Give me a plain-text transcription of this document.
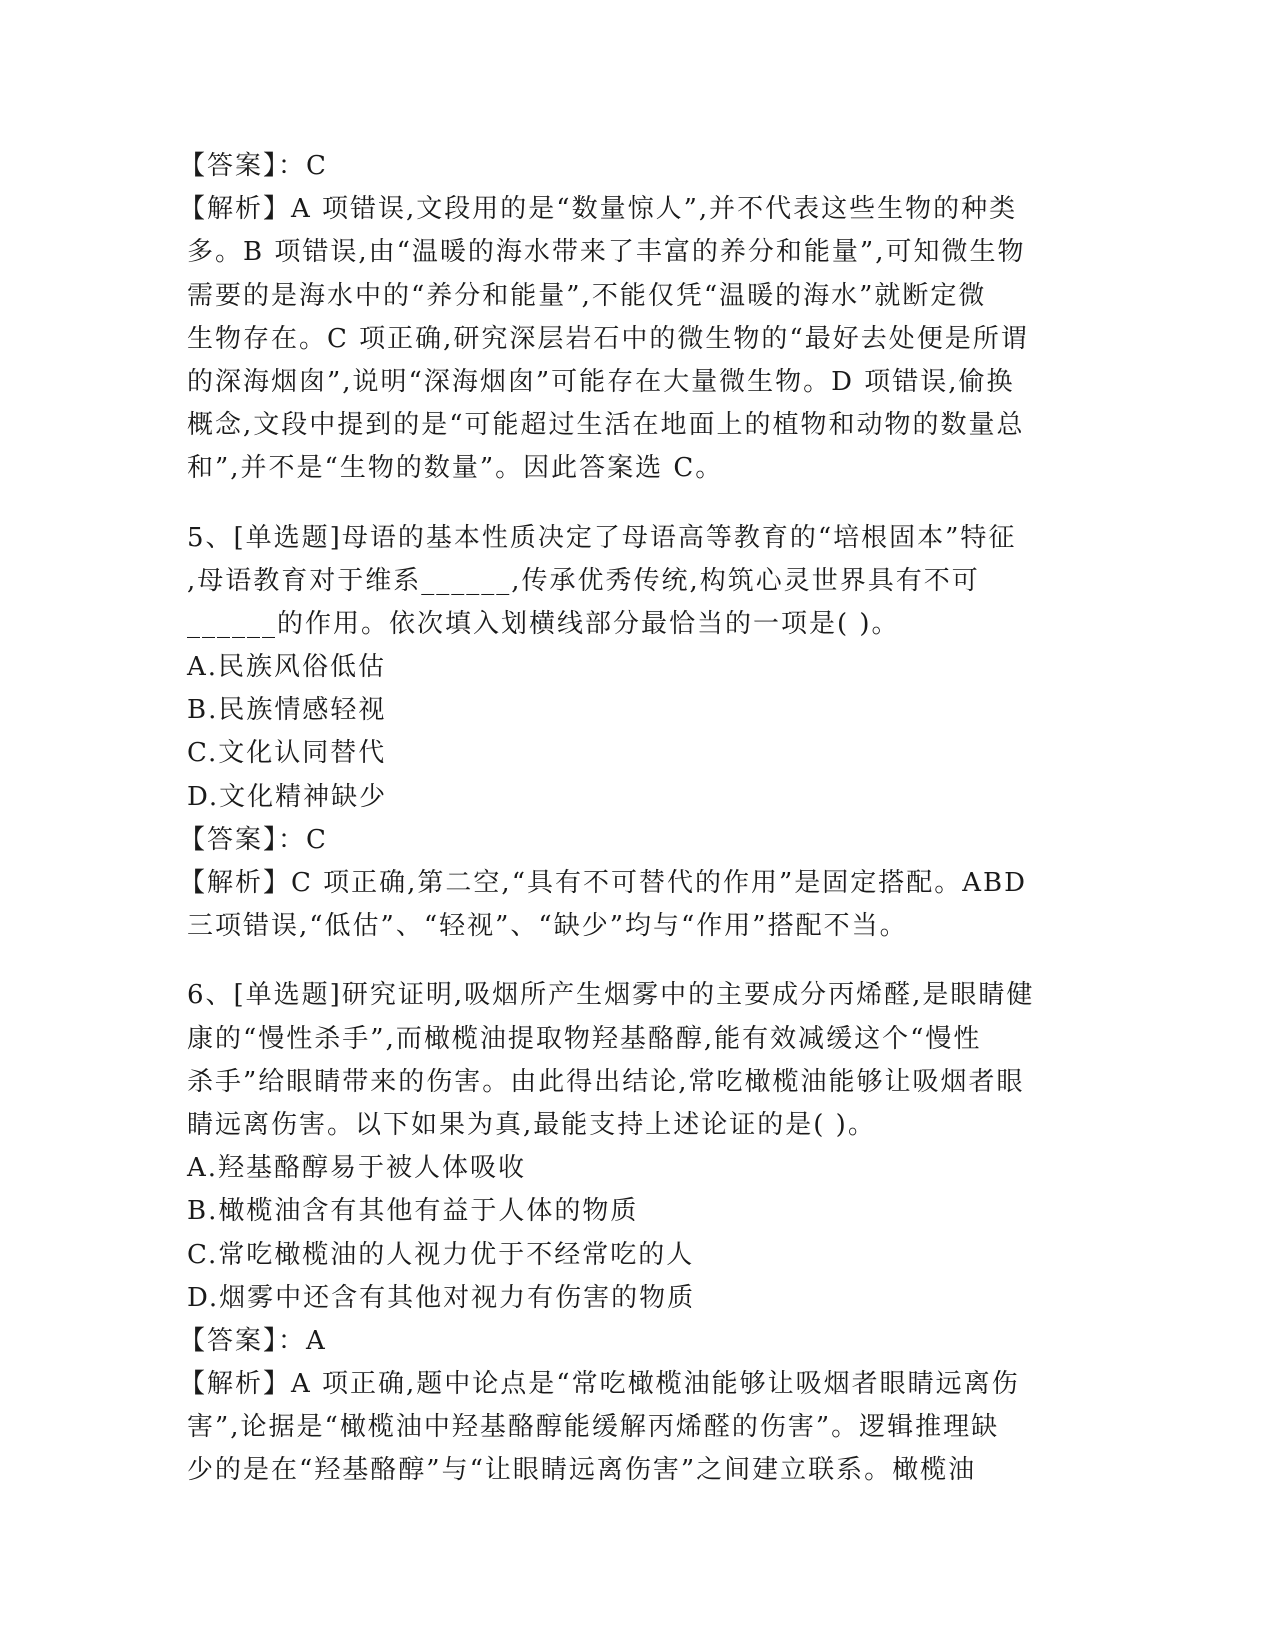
【答案】：C
【解析】A 项错误,文段用的是“数量惊人”,并不代表这些生物的种类
多。B 项错误,由“温暖的海水带来了丰富的养分和能量”,可知微生物
需要的是海水中的“养分和能量”,不能仅凭“温暖的海水”就断定微
生物存在。C 项正确,研究深层岩石中的微生物的“最好去处便是所谓
的深海烟囱”,说明“深海烟囱”可能存在大量微生物。D 项错误,偷换
概念,文段中提到的是“可能超过生活在地面上的植物和动物的数量总
和”,并不是“生物的数量”。因此答案选 C。
5、[单选题]母语的基本性质决定了母语高等教育的“培根固本”特征
,母语教育对于维系______,传承优秀传统,构筑心灵世界具有不可
______的作用。依次填入划横线部分最恰当的一项是( )。
A.民族风俗低估
B.民族情感轻视
C.文化认同替代
D.文化精神缺少
【答案】：C
【解析】C 项正确,第二空,“具有不可替代的作用”是固定搭配。ABD
三项错误,“低估”、“轻视”、“缺少”均与“作用”搭配不当。
6、[单选题]研究证明,吸烟所产生烟雾中的主要成分丙烯醛,是眼睛健
康的“慢性杀手”,而橄榄油提取物羟基酪醇,能有效减缓这个“慢性
杀手”给眼睛带来的伤害。由此得出结论,常吃橄榄油能够让吸烟者眼
睛远离伤害。以下如果为真,最能支持上述论证的是( )。
A.羟基酪醇易于被人体吸收
B.橄榄油含有其他有益于人体的物质
C.常吃橄榄油的人视力优于不经常吃的人
D.烟雾中还含有其他对视力有伤害的物质
【答案】：A
【解析】A 项正确,题中论点是“常吃橄榄油能够让吸烟者眼睛远离伤
害”,论据是“橄榄油中羟基酪醇能缓解丙烯醛的伤害”。逻辑推理缺
少的是在“羟基酪醇”与“让眼睛远离伤害”之间建立联系。橄榄油
